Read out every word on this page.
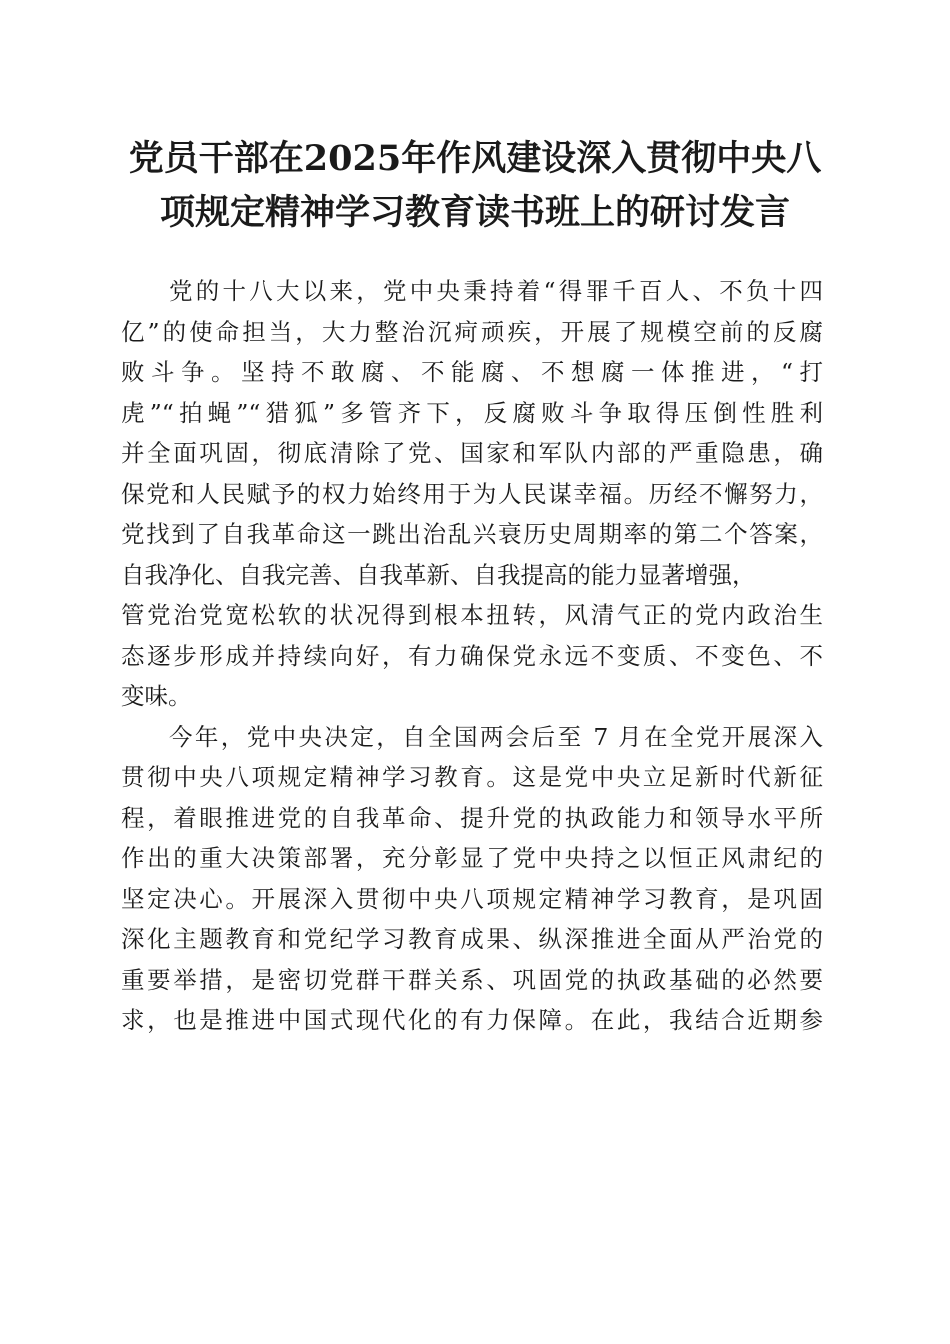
党员干部在2025年作风建设深入贯彻中央八
项规定精神学习教育读书班上的研讨发言
党的十八大以来，党中央秉持着“得罪千百人、不负十四
亿”的使命担当，大力整治沉疴顽疾，开展了规模空前的反腐
败斗争。坚持不敢腐、不能腐、不想腐一体推进，“打
虎”“拍蝇”“猎狐”多管齐下，反腐败斗争取得压倒性胜利
并全面巩固，彻底清除了党、国家和军队内部的严重隐患，确
保党和人民赋予的权力始终用于为人民谋幸福。历经不懈努力，
党找到了自我革命这一跳出治乱兴衰历史周期率的第二个答案，
自我净化、自我完善、自我革新、自我提高的能力显著增强，
管党治党宽松软的状况得到根本扭转，风清气正的党内政治生
态逐步形成并持续向好，有力确保党永远不变质、不变色、不
变味。
今年，党中央决定，自全国两会后至 7 月在全党开展深入
贯彻中央八项规定精神学习教育。这是党中央立足新时代新征
程，着眼推进党的自我革命、提升党的执政能力和领导水平所
作出的重大决策部署，充分彰显了党中央持之以恒正风肃纪的
坚定决心。开展深入贯彻中央八项规定精神学习教育，是巩固
深化主题教育和党纪学习教育成果、纵深推进全面从严治党的
重要举措，是密切党群干群关系、巩固党的执政基础的必然要
求，也是推进中国式现代化的有力保障。在此，我结合近期参
